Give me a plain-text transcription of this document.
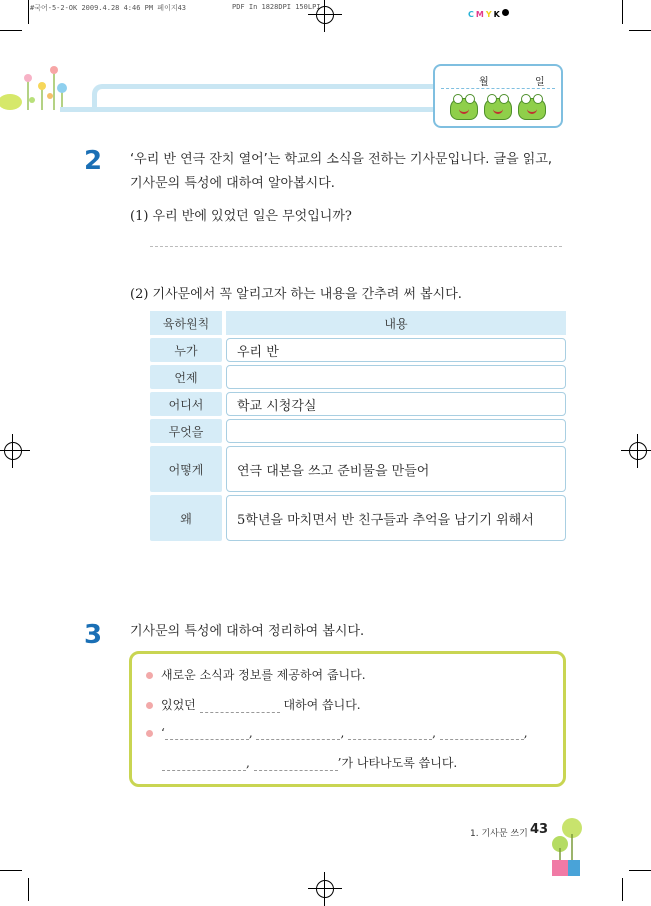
#국어-5-2-OK 2009.4.28 4:46 PM 페이지43	PDF In 1828DPI 150LPI
C M Y K
월	일
2 ‘우리 반 연극 잔치 열어’는 학교의 소식을 전하는 기사문입니다. 글을 읽고,
기사문의 특성에 대하여 알아봅시다.
(1) 우리 반에 있었던 일은 무엇입니까?
(2) 기사문에서 꼭 알리고자 하는 내용을 간추려 써 봅시다.
육하원칙	내용
누가	우리 반
언제	
어디서	학교 시청각실
무엇을	
어떻게	연극 대본을 쓰고 준비물을 만들어
왜	5학년을 마치면서 반 친구들과 추억을 남기기 위해서
3 기사문의 특성에 대하여 정리하여 봅시다.
새로운 소식과 정보를 제공하여 줍니다.
있었던	대하여 씁니다.
‘	,	,	,	,
,	’가 나타나도록 씁니다.
1. 기사문 쓰기 43
